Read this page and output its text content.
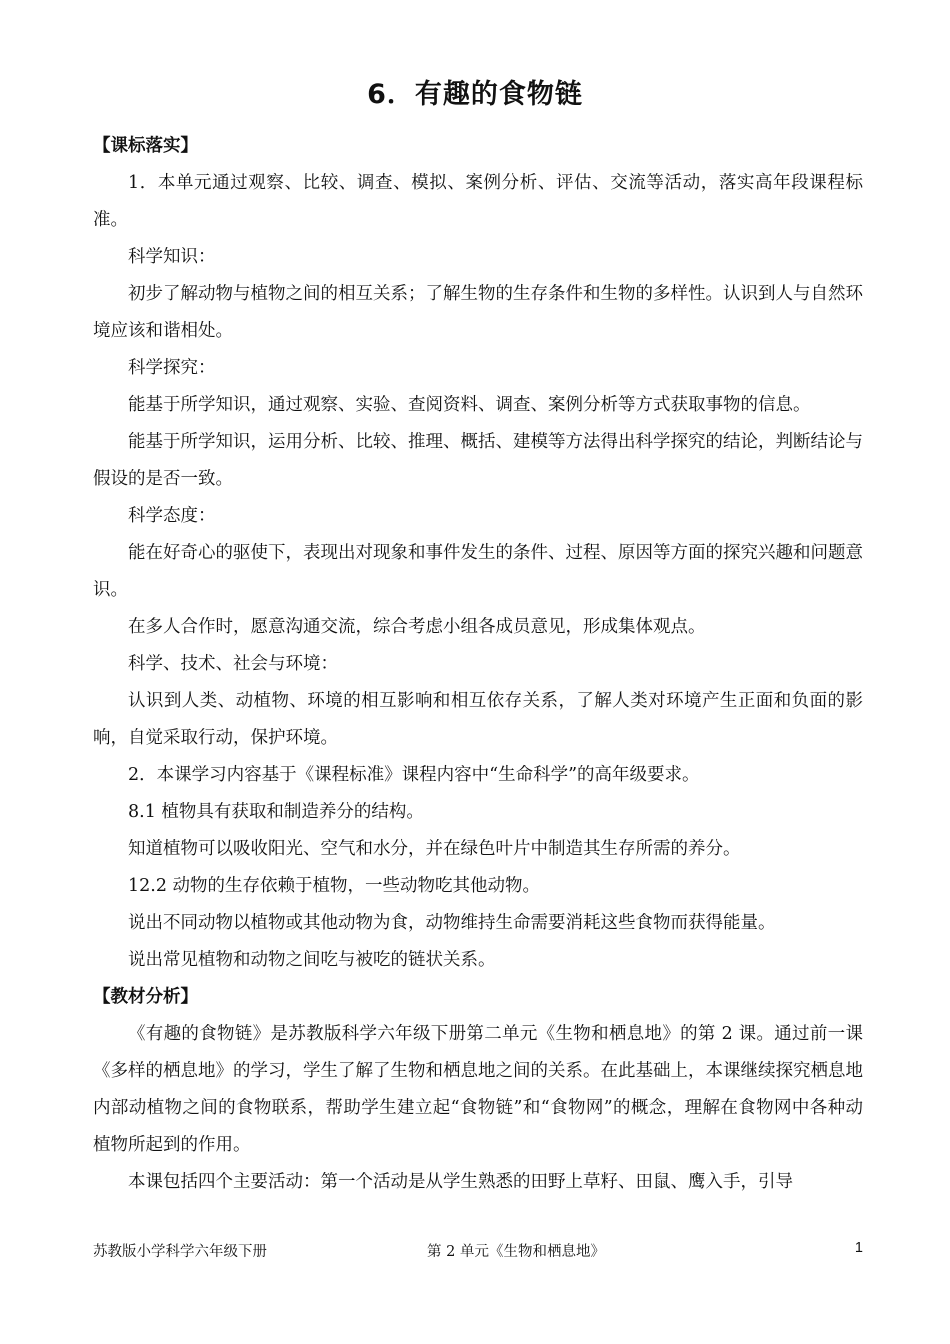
6．有趣的食物链

【课标落实】

1．本单元通过观察、比较、调查、模拟、案例分析、评估、交流等活动，落实高年段课程标准。

科学知识：

初步了解动物与植物之间的相互关系；了解生物的生存条件和生物的多样性。认识到人与自然环境应该和谐相处。

科学探究：

能基于所学知识，通过观察、实验、查阅资料、调查、案例分析等方式获取事物的信息。

能基于所学知识，运用分析、比较、推理、概括、建模等方法得出科学探究的结论，判断结论与假设的是否一致。

科学态度：

能在好奇心的驱使下，表现出对现象和事件发生的条件、过程、原因等方面的探究兴趣和问题意识。

在多人合作时，愿意沟通交流，综合考虑小组各成员意见，形成集体观点。

科学、技术、社会与环境：

认识到人类、动植物、环境的相互影响和相互依存关系，了解人类对环境产生正面和负面的影响，自觉采取行动，保护环境。

2．本课学习内容基于《课程标准》课程内容中“生命科学”的高年级要求。

8.1 植物具有获取和制造养分的结构。

知道植物可以吸收阳光、空气和水分，并在绿色叶片中制造其生存所需的养分。

12.2 动物的生存依赖于植物，一些动物吃其他动物。

说出不同动物以植物或其他动物为食，动物维持生命需要消耗这些食物而获得能量。

说出常见植物和动物之间吃与被吃的链状关系。

【教材分析】

《有趣的食物链》是苏教版科学六年级下册第二单元《生物和栖息地》的第 2 课。通过前一课《多样的栖息地》的学习，学生了解了生物和栖息地之间的关系。在此基础上，本课继续探究栖息地内部动植物之间的食物联系，帮助学生建立起“食物链”和“食物网”的概念，理解在食物网中各种动植物所起到的作用。

本课包括四个主要活动：第一个活动是从学生熟悉的田野上草籽、田鼠、鹰入手，引导

苏教版小学科学六年级下册	第 2 单元《生物和栖息地》	1
